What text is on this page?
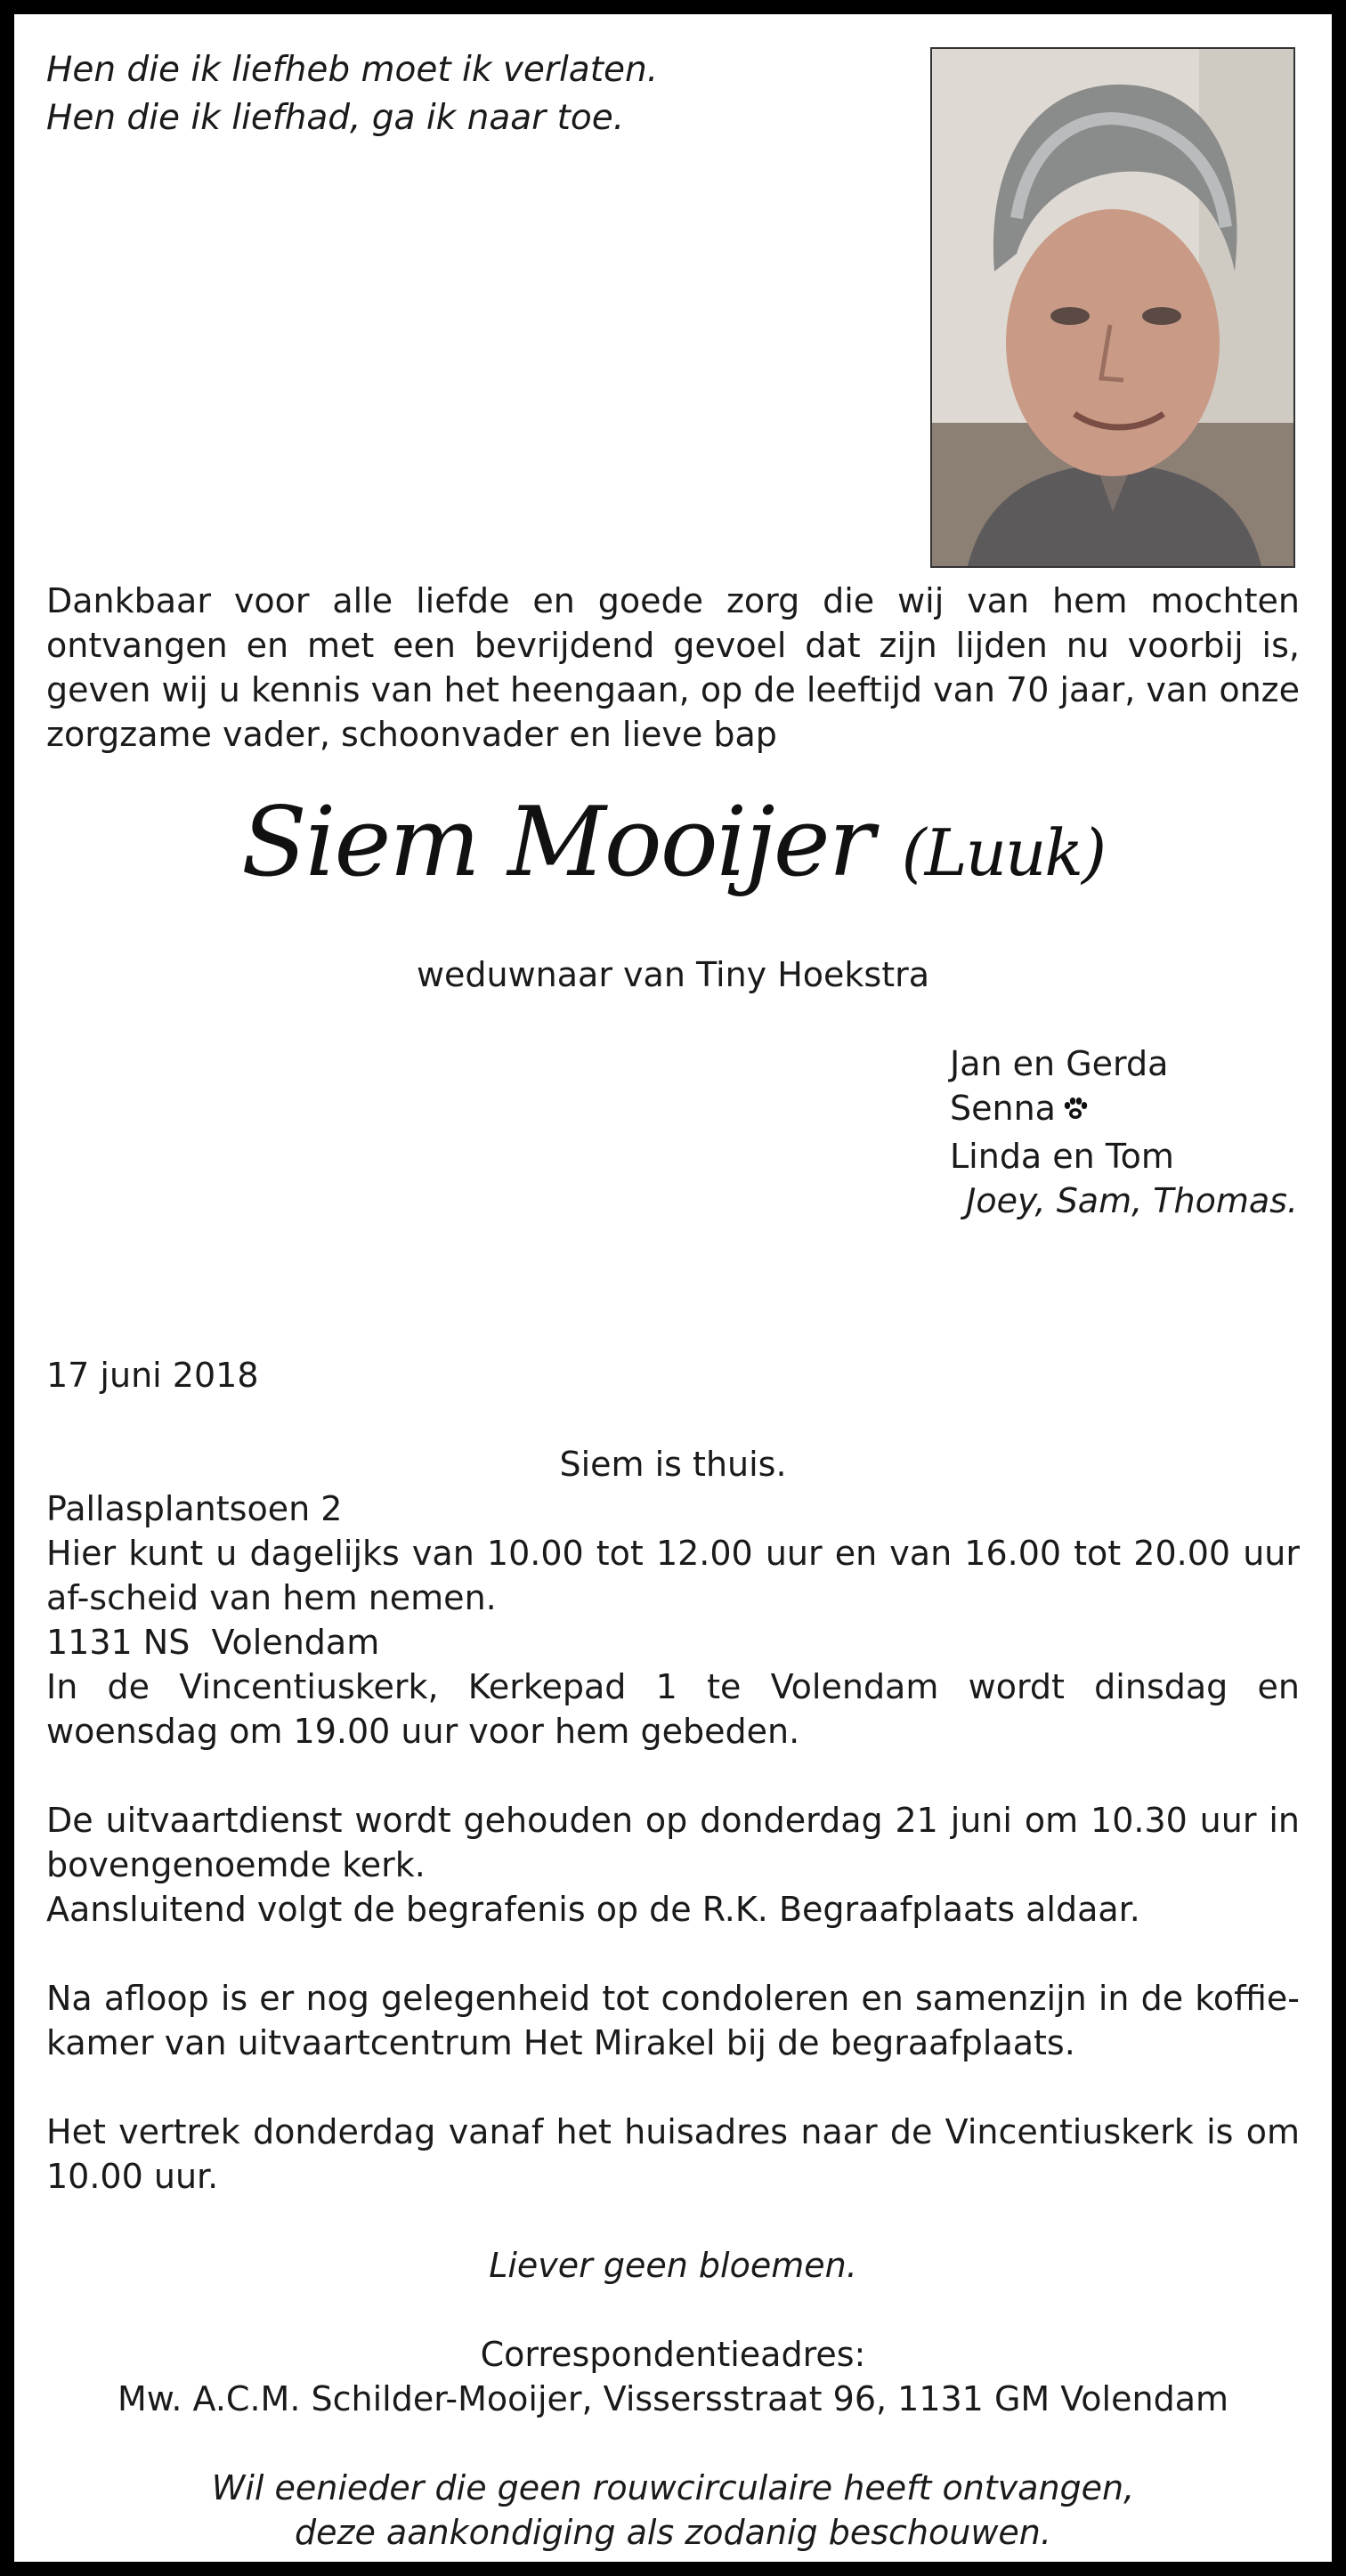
Hen die ik liefheb moet ik verlaten.
Hen die ik liefhad, ga ik naar toe.
Dankbaar voor alle liefde en goede zorg die wij van hem mochten ontvangen en met een bevrijdend gevoel dat zijn lijden nu voorbij is, geven wij u kennis van het heengaan, op de leeftijd van 70 jaar, van onze zorgzame vader, schoonvader en lieve bap
Siem Mooijer (Luuk)
weduwnaar van Tiny Hoekstra
Jan en Gerda
Senna
Linda en Tom
Joey, Sam, Thomas.

17 juni 2018

Pallasplantsoen 2

1131 NS  Volendam

Siem is thuis.
Hier kunt u dagelijks van 10.00 tot 12.00 uur en van 16.00 tot 20.00 uur af-scheid van hem nemen.
In de Vincentiuskerk, Kerkepad 1 te Volendam wordt dinsdag en woensdag om 19.00 uur voor hem gebeden.
De uitvaartdienst wordt gehouden op donderdag 21 juni om 10.30 uur in bovengenoemde kerk.
Aansluitend volgt de begrafenis op de R.K. Begraafplaats aldaar.
Na afloop is er nog gelegenheid tot condoleren en samenzijn in de koffie-kamer van uitvaartcentrum Het Mirakel bij de begraafplaats.
Het vertrek donderdag vanaf het huisadres naar de Vincentiuskerk is om 10.00 uur.
Liever geen bloemen.
Correspondentieadres:
Mw. A.C.M. Schilder-Mooijer, Vissersstraat 96, 1131 GM Volendam
Wil eenieder die geen rouwcirculaire heeft ontvangen,
deze aankondiging als zodanig beschouwen.
